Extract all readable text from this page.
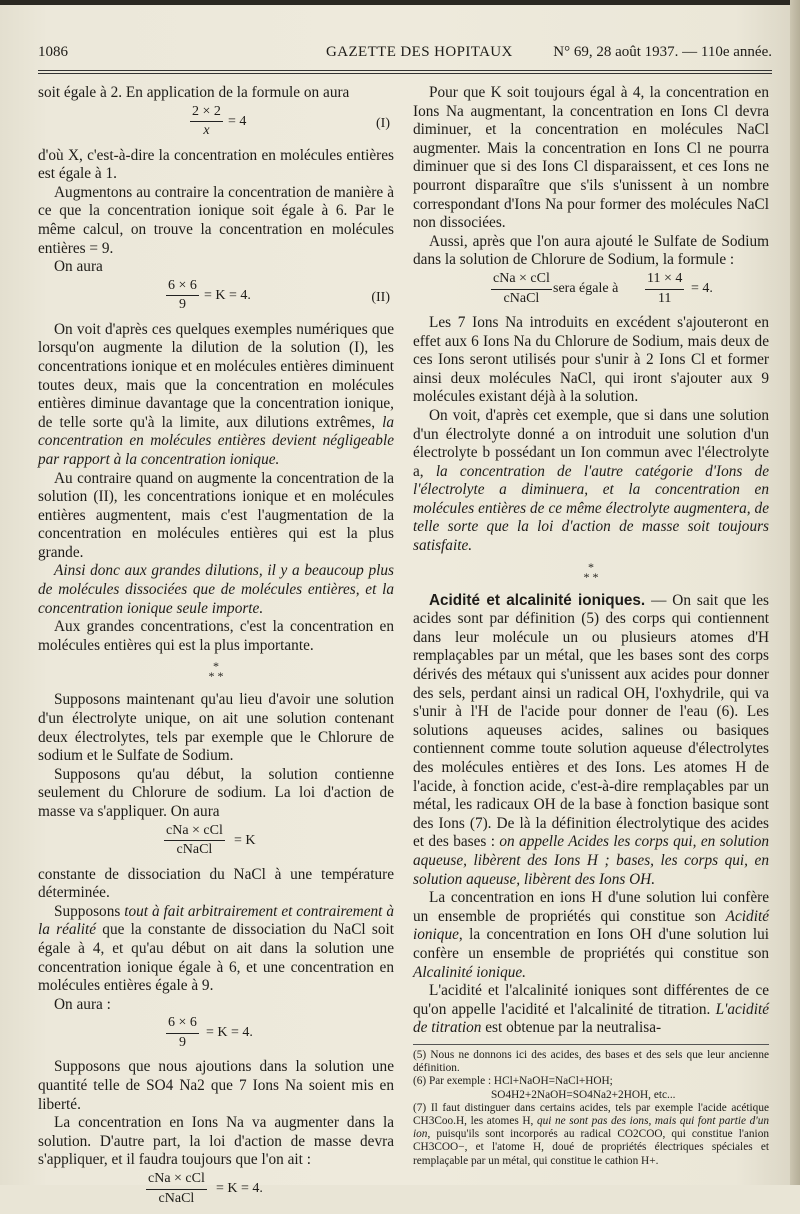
1086	GAZETTE DES HOPITAUX	N° 69, 28 août 1937. — 110e année.

soit égale à 2. En application de la formule on aura

$\frac{2 \times 2}{x} = 4$	(I)

d'où X, c'est-à-dire la concentration en molécules entières est égale à 1.

Augmentons au contraire la concentration de manière à ce que la concentration ionique soit égale à 6. Par le même calcul, on trouve la concentration en molécules entières = 9.

On aura

$\frac{6 \times 6}{9} = K = 4$.	(II)

On voit d'après ces quelques exemples numériques que lorsqu'on augmente la dilution de la solution (I), les concentrations ionique et en molécules entières diminuent toutes deux, mais que la concentration en molécules entières diminue davantage que la concentration ionique, de telle sorte qu'à la limite, aux dilutions extrêmes, la concentration en molécules entières devient négligeable par rapport à la concentration ionique.

Au contraire quand on augmente la concentration de la solution (II), les concentrations ionique et en molécules entières augmentent, mais c'est l'augmentation de la concentration en molécules entières qui est la plus grande.

Ainsi donc aux grandes dilutions, il y a beaucoup plus de molécules dissociées que de molécules entières, et la concentration ionique seule importe.

Aux grandes concentrations, c'est la concentration en molécules entières qui est la plus importante.

*
* *

Supposons maintenant qu'au lieu d'avoir une solution d'un électrolyte unique, on ait une solution contenant deux électrolytes, tels par exemple que le Chlorure de sodium et le Sulfate de Sodium.

Supposons qu'au début, la solution contienne seulement du Chlorure de sodium. La loi d'action de masse va s'appliquer. On aura

cNa × cCl
cNaCl
= K

constante de dissociation du NaCl à une température déterminée.

Supposons tout à fait arbitrairement et contrairement à la réalité que la constante de dissociation du NaCl soit égale à 4, et qu'au début on ait dans la solution une concentration ionique égale à 6, et une concentration en molécules entières égale à 9.

On aura :

$\frac{6 \times 6}{9} = K = 4$.

Supposons que nous ajoutions dans la solution une quantité telle de SO4 Na2 que 7 Ions Na soient mis en liberté.

La concentration en Ions Na va augmenter dans la solution. D'autre part, la loi d'action de masse devra s'appliquer, et il faudra toujours que l'on ait :

cNa × cCl
cNaCl
= K = 4.

Pour que K soit toujours égal à 4, la concentration en Ions Na augmentant, la concentration en Ions Cl devra diminuer, et la concentration en molécules NaCl augmenter. Mais la concentration en Ions Cl ne pourra diminuer que si des Ions Cl disparaissent, et ces Ions ne pourront disparaître que s'ils s'unissent à un nombre correspondant d'Ions Na pour former des molécules NaCl non dissociées.

Aussi, après que l'on aura ajouté le Sulfate de Sodium dans la solution de Chlorure de Sodium, la formule :

cNa × cCl
cNaCl
sera égale à $\frac{11 \times 4}{11} = 4$.

Les 7 Ions Na introduits en excédent s'ajouteront en effet aux 6 Ions Na du Chlorure de Sodium, mais deux de ces Ions seront utilisés pour s'unir à 2 Ions Cl et former ainsi deux molécules NaCl, qui iront s'ajouter aux 9 molécules existant déjà à la solution.

On voit, d'après cet exemple, que si dans une solution d'un électrolyte donné a on introduit une solution d'un électrolyte b possédant un Ion commun avec l'électrolyte a, la concentration de l'autre catégorie d'Ions de l'électrolyte a diminuera, et la concentration en molécules entières de ce même électrolyte augmentera, de telle sorte que la loi d'action de masse soit toujours satisfaite.

*
* *

Acidité et alcalinité ioniques. — On sait que les acides sont par définition (5) des corps qui contiennent dans leur molécule un ou plusieurs atomes d'H remplaçables par un métal, que les bases sont des corps dérivés des métaux qui s'unissent aux acides pour donner des sels, perdant ainsi un radical OH, l'oxhydrile, qui va s'unir à l'H de l'acide pour donner de l'eau (6). Les solutions aqueuses acides, salines ou basiques contiennent comme toute solution aqueuse d'électrolytes des molécules entières et des Ions. Les atomes H de l'acide, à fonction acide, c'est-à-dire remplaçables par un métal, les radicaux OH de la base à fonction basique sont des Ions (7). De là la définition électrolytique des acides et des bases : on appelle Acides les corps qui, en solution aqueuse, libèrent des Ions H ; bases, les corps qui, en solution aqueuse, libèrent des Ions OH.

La concentration en ions H d'une solution lui confère un ensemble de propriétés qui constitue son Acidité ionique, la concentration en Ions OH d'une solution lui confère un ensemble de propriétés qui constitue son Alcalinité ionique.

L'acidité et l'alcalinité ioniques sont différentes de ce qu'on appelle l'acidité et l'alcalinité de titration. L'acidité de titration est obtenue par la neutralisa-

(5) Nous ne donnons ici des acides, des bases et des sels que leur ancienne définition.

(6) Par exemple : HCl+NaOH=NaCl+HOH;
SO4H2+2NaOH=SO4Na2+2HOH, etc...

(7) Il faut distinguer dans certains acides, tels par exemple l'acide acétique CH3Coo.H, les atomes H, qui ne sont pas des ions, mais qui font partie d'un ion, puisqu'ils sont incorporés au radical CO2COO, qui constitue l'anion CH3COO−, et l'atome H, doué de propriétés électriques spéciales et remplaçable par un métal, qui constitue le cathion H+.
